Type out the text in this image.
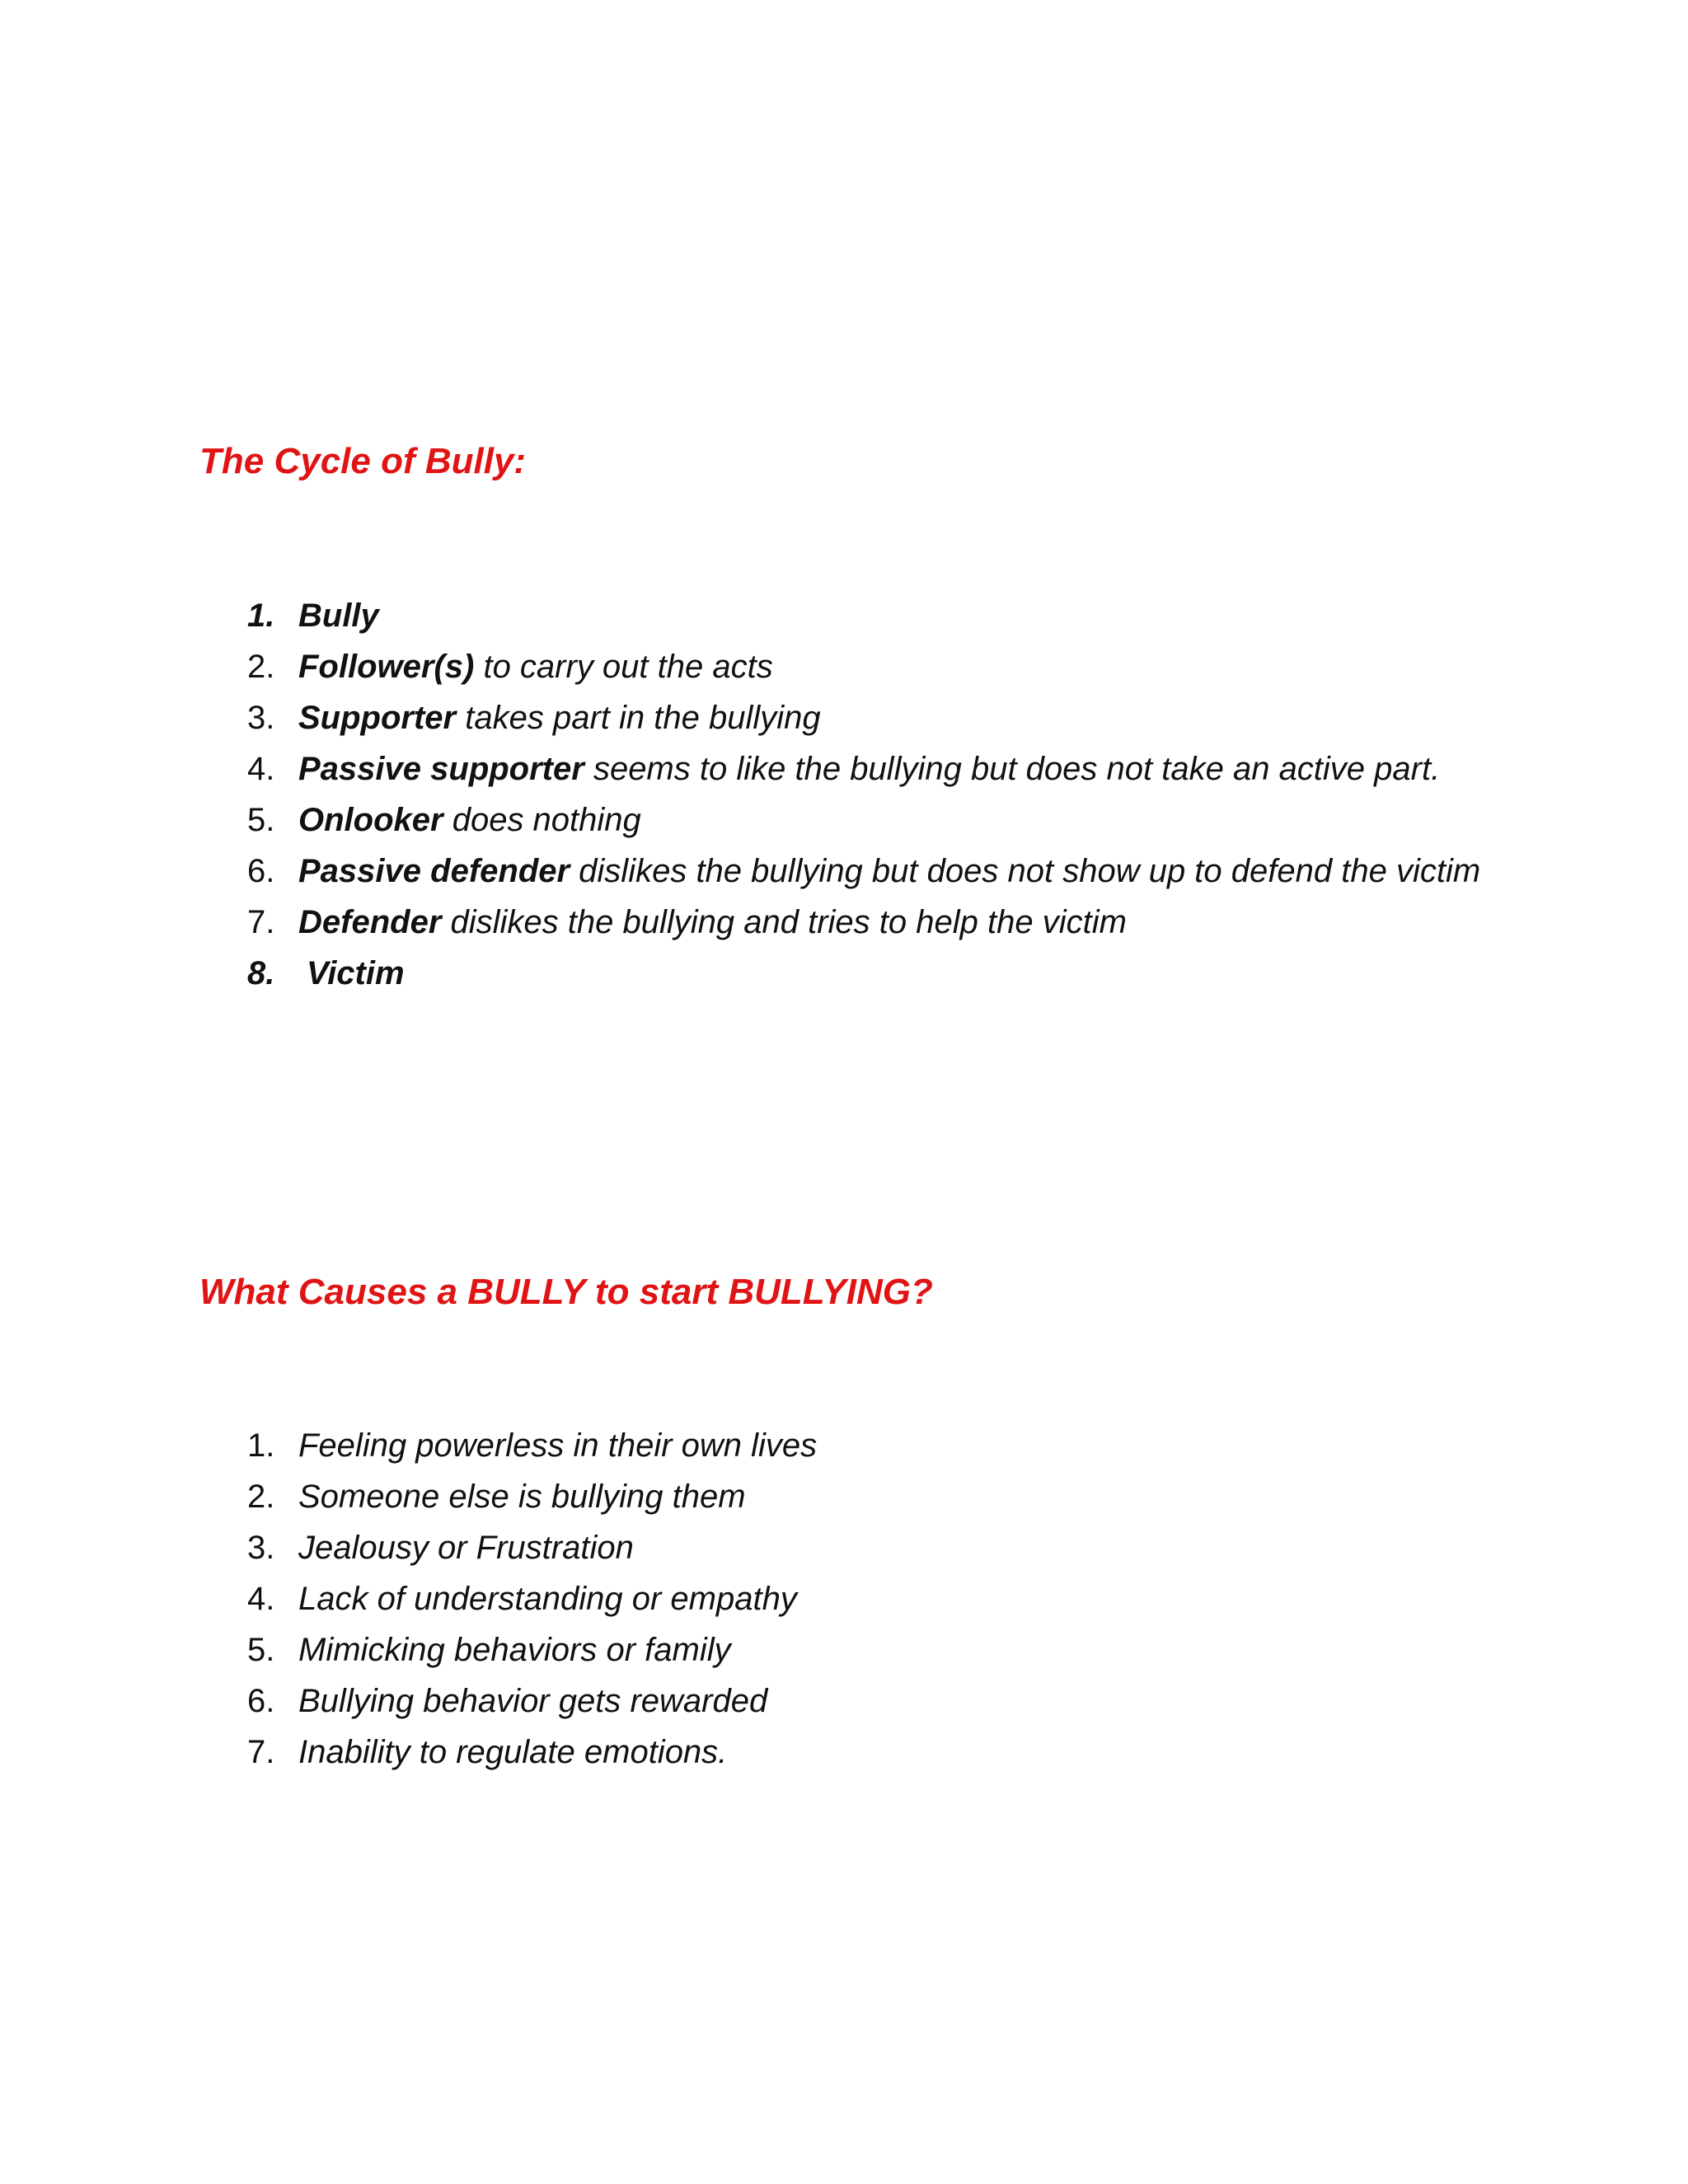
The Cycle of Bully:
1. Bully
2. Follower(s) to carry out the acts
3. Supporter takes part in the bullying
4. Passive supporter seems to like the bullying but does not take an active part.
5. Onlooker does nothing
6. Passive defender dislikes the bullying but does not show up to defend the victim
7. Defender dislikes the bullying and tries to help the victim
8. Victim
What Causes a BULLY to start BULLYING?
1. Feeling powerless in their own lives
2. Someone else is bullying them
3. Jealousy or Frustration
4. Lack of understanding or empathy
5. Mimicking behaviors or family
6. Bullying behavior gets rewarded
7. Inability to regulate emotions.
